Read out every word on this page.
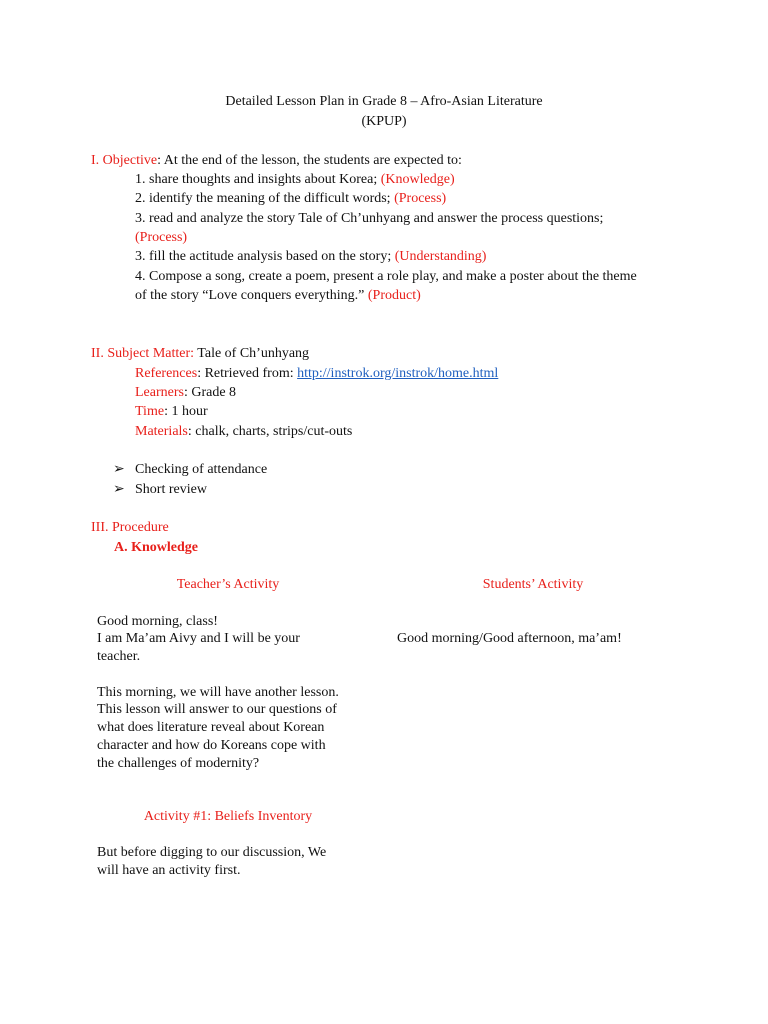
Detailed Lesson Plan in Grade 8 – Afro-Asian Literature
(KPUP)
I. Objective: At the end of the lesson, the students are expected to:
1. share thoughts and insights about Korea; (Knowledge)
2. identify the meaning of the difficult words; (Process)
3. read and analyze the story Tale of Ch’unhyang and answer the process questions;
(Process)
3. fill the actitude analysis based on the story; (Understanding)
4. Compose a song, create a poem, present a role play, and make a poster about the theme
of the story “Love conquers everything.” (Product)
II. Subject Matter: Tale of Ch’unhyang
References: Retrieved from: http://instrok.org/instrok/home.html
Learners: Grade 8
Time: 1 hour
Materials: chalk, charts, strips/cut-outs
➢ Checking of attendance
➢ Short review
III. Procedure
A. Knowledge
Teacher’s Activity	Students’ Activity
Good morning, class!
I am Ma’am Aivy and I will be your
teacher.
Good morning/Good afternoon, ma’am!
This morning, we will have another lesson.
This lesson will answer to our questions of
what does literature reveal about Korean
character and how do Koreans cope with
the challenges of modernity?
Activity #1: Beliefs Inventory
But before digging to our discussion, We
will have an activity first.
